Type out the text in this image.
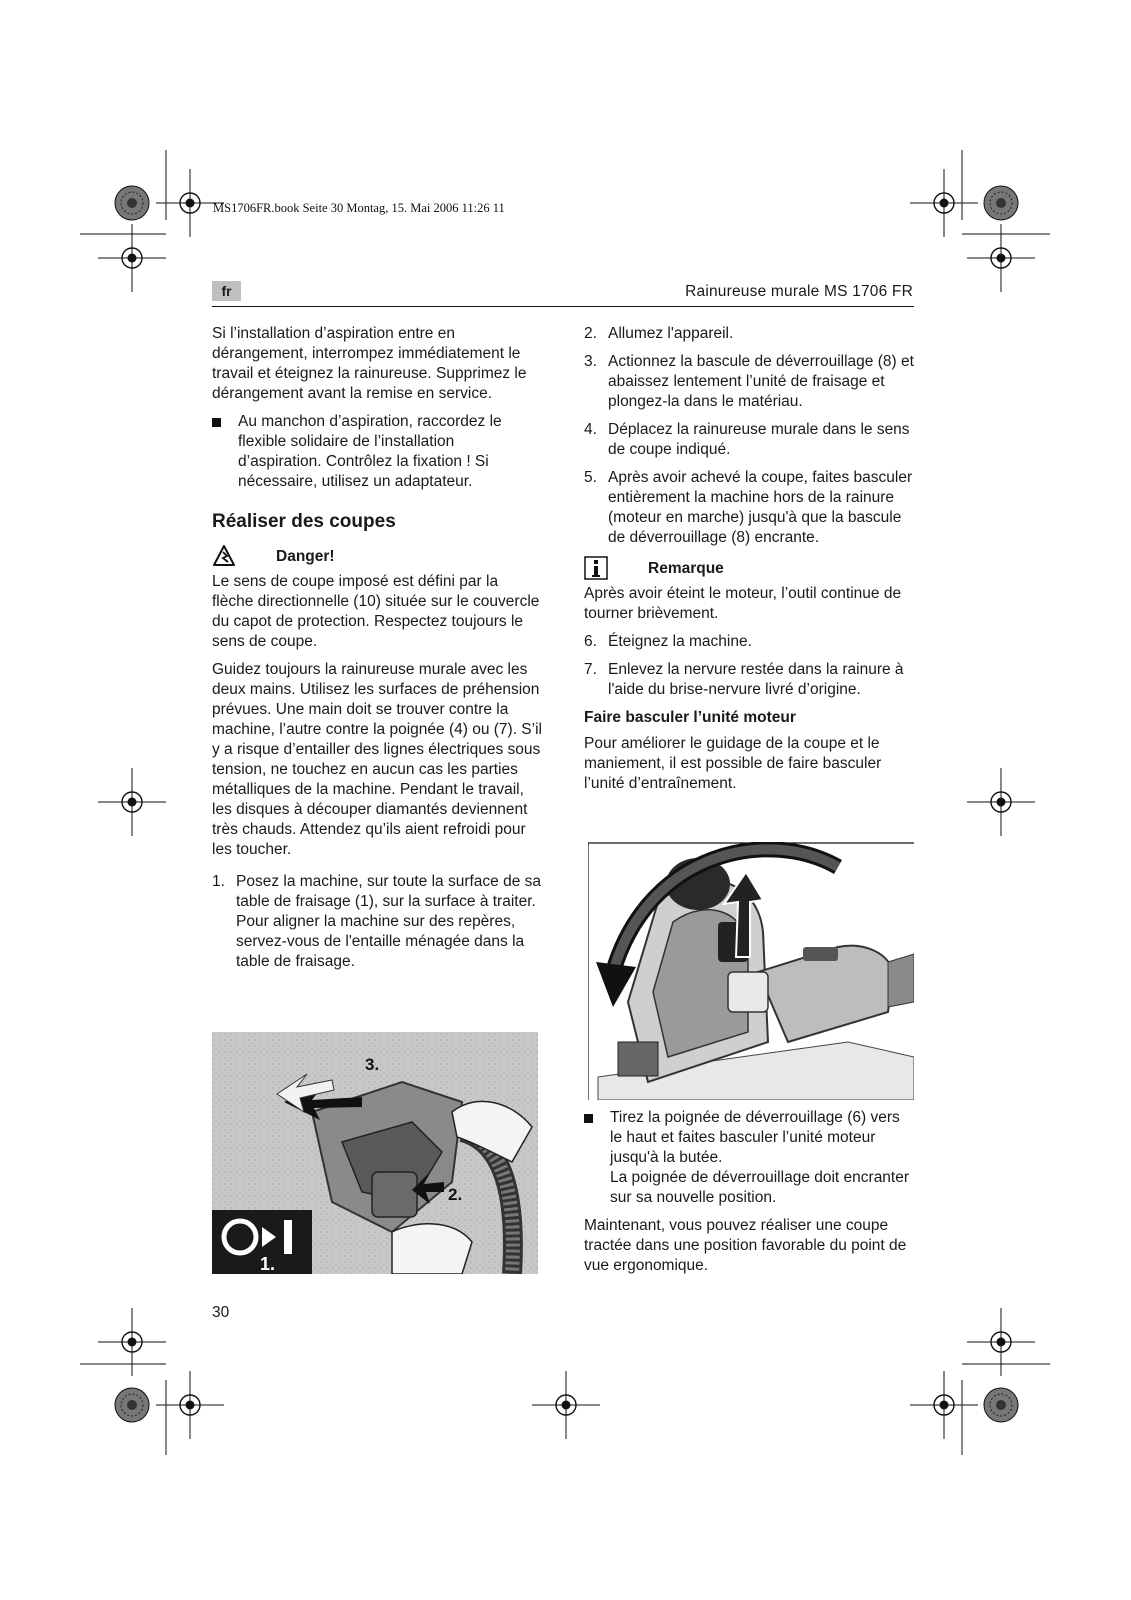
MS1706FR.book Seite 30 Montag, 15. Mai 2006 11:26 11
fr	Rainureuse murale MS 1706 FR

Si l’installation d’aspiration entre en dérangement, interrompez immédiatement le travail et éteignez la rainureuse. Supprimez le dérangement avant la remise en service.

Au manchon d’aspiration, raccordez le flexible solidaire de l’installation d’aspiration. Contrôlez la fixation ! Si nécessaire, utilisez un adaptateur.
Réaliser des coupes
Danger!

Le sens de coupe imposé est défini par la flèche directionnelle (10) située sur le couvercle du capot de protection. Respectez toujours le sens de coupe.

Guidez toujours la rainureuse murale avec les deux mains. Utilisez les surfaces de préhension prévues. Une main doit se trouver contre la machine, l’autre contre la poignée (4) ou (7). S’il y a risque d’entailler des lignes électriques sous tension, ne touchez en aucun cas les parties métalliques de la machine. Pendant le travail, les disques à découper diamantés deviennent très chauds. Attendez qu’ils aient refroidi pour les toucher.

1. Posez la machine, sur toute la surface de sa table de fraisage (1), sur la surface à traiter.
Pour aligner la machine sur des repères, servez-vous de l'entaille ménagée dans la table de fraisage.
3.
2.
1.
2. Allumez l'appareil.
3. Actionnez la bascule de déverrouillage (8) et abaissez lentement l’unité de fraisage et plongez-la dans le matériau.
4. Déplacez la rainureuse murale dans le sens de coupe indiqué.
5. Après avoir achevé la coupe, faites basculer entièrement la machine hors de la rainure (moteur en marche) jusqu'à que la bascule de déverrouillage (8) encrante.
Remarque

Après avoir éteint le moteur, l’outil continue de tourner brièvement.

6. Éteignez la machine.
7. Enlevez la nervure restée dans la rainure à l'aide du brise-nervure livré d’origine.
Faire basculer l’unité moteur

Pour améliorer le guidage de la coupe et le maniement, il est possible de faire basculer l’unité d’entraînement.

Tirez la poignée de déverrouillage (6) vers le haut et faites basculer l’unité moteur jusqu'à la butée.
La poignée de déverrouillage doit encranter sur sa nouvelle position.

Maintenant, vous pouvez réaliser une coupe tractée dans une position favorable du point de vue ergonomique.

30
